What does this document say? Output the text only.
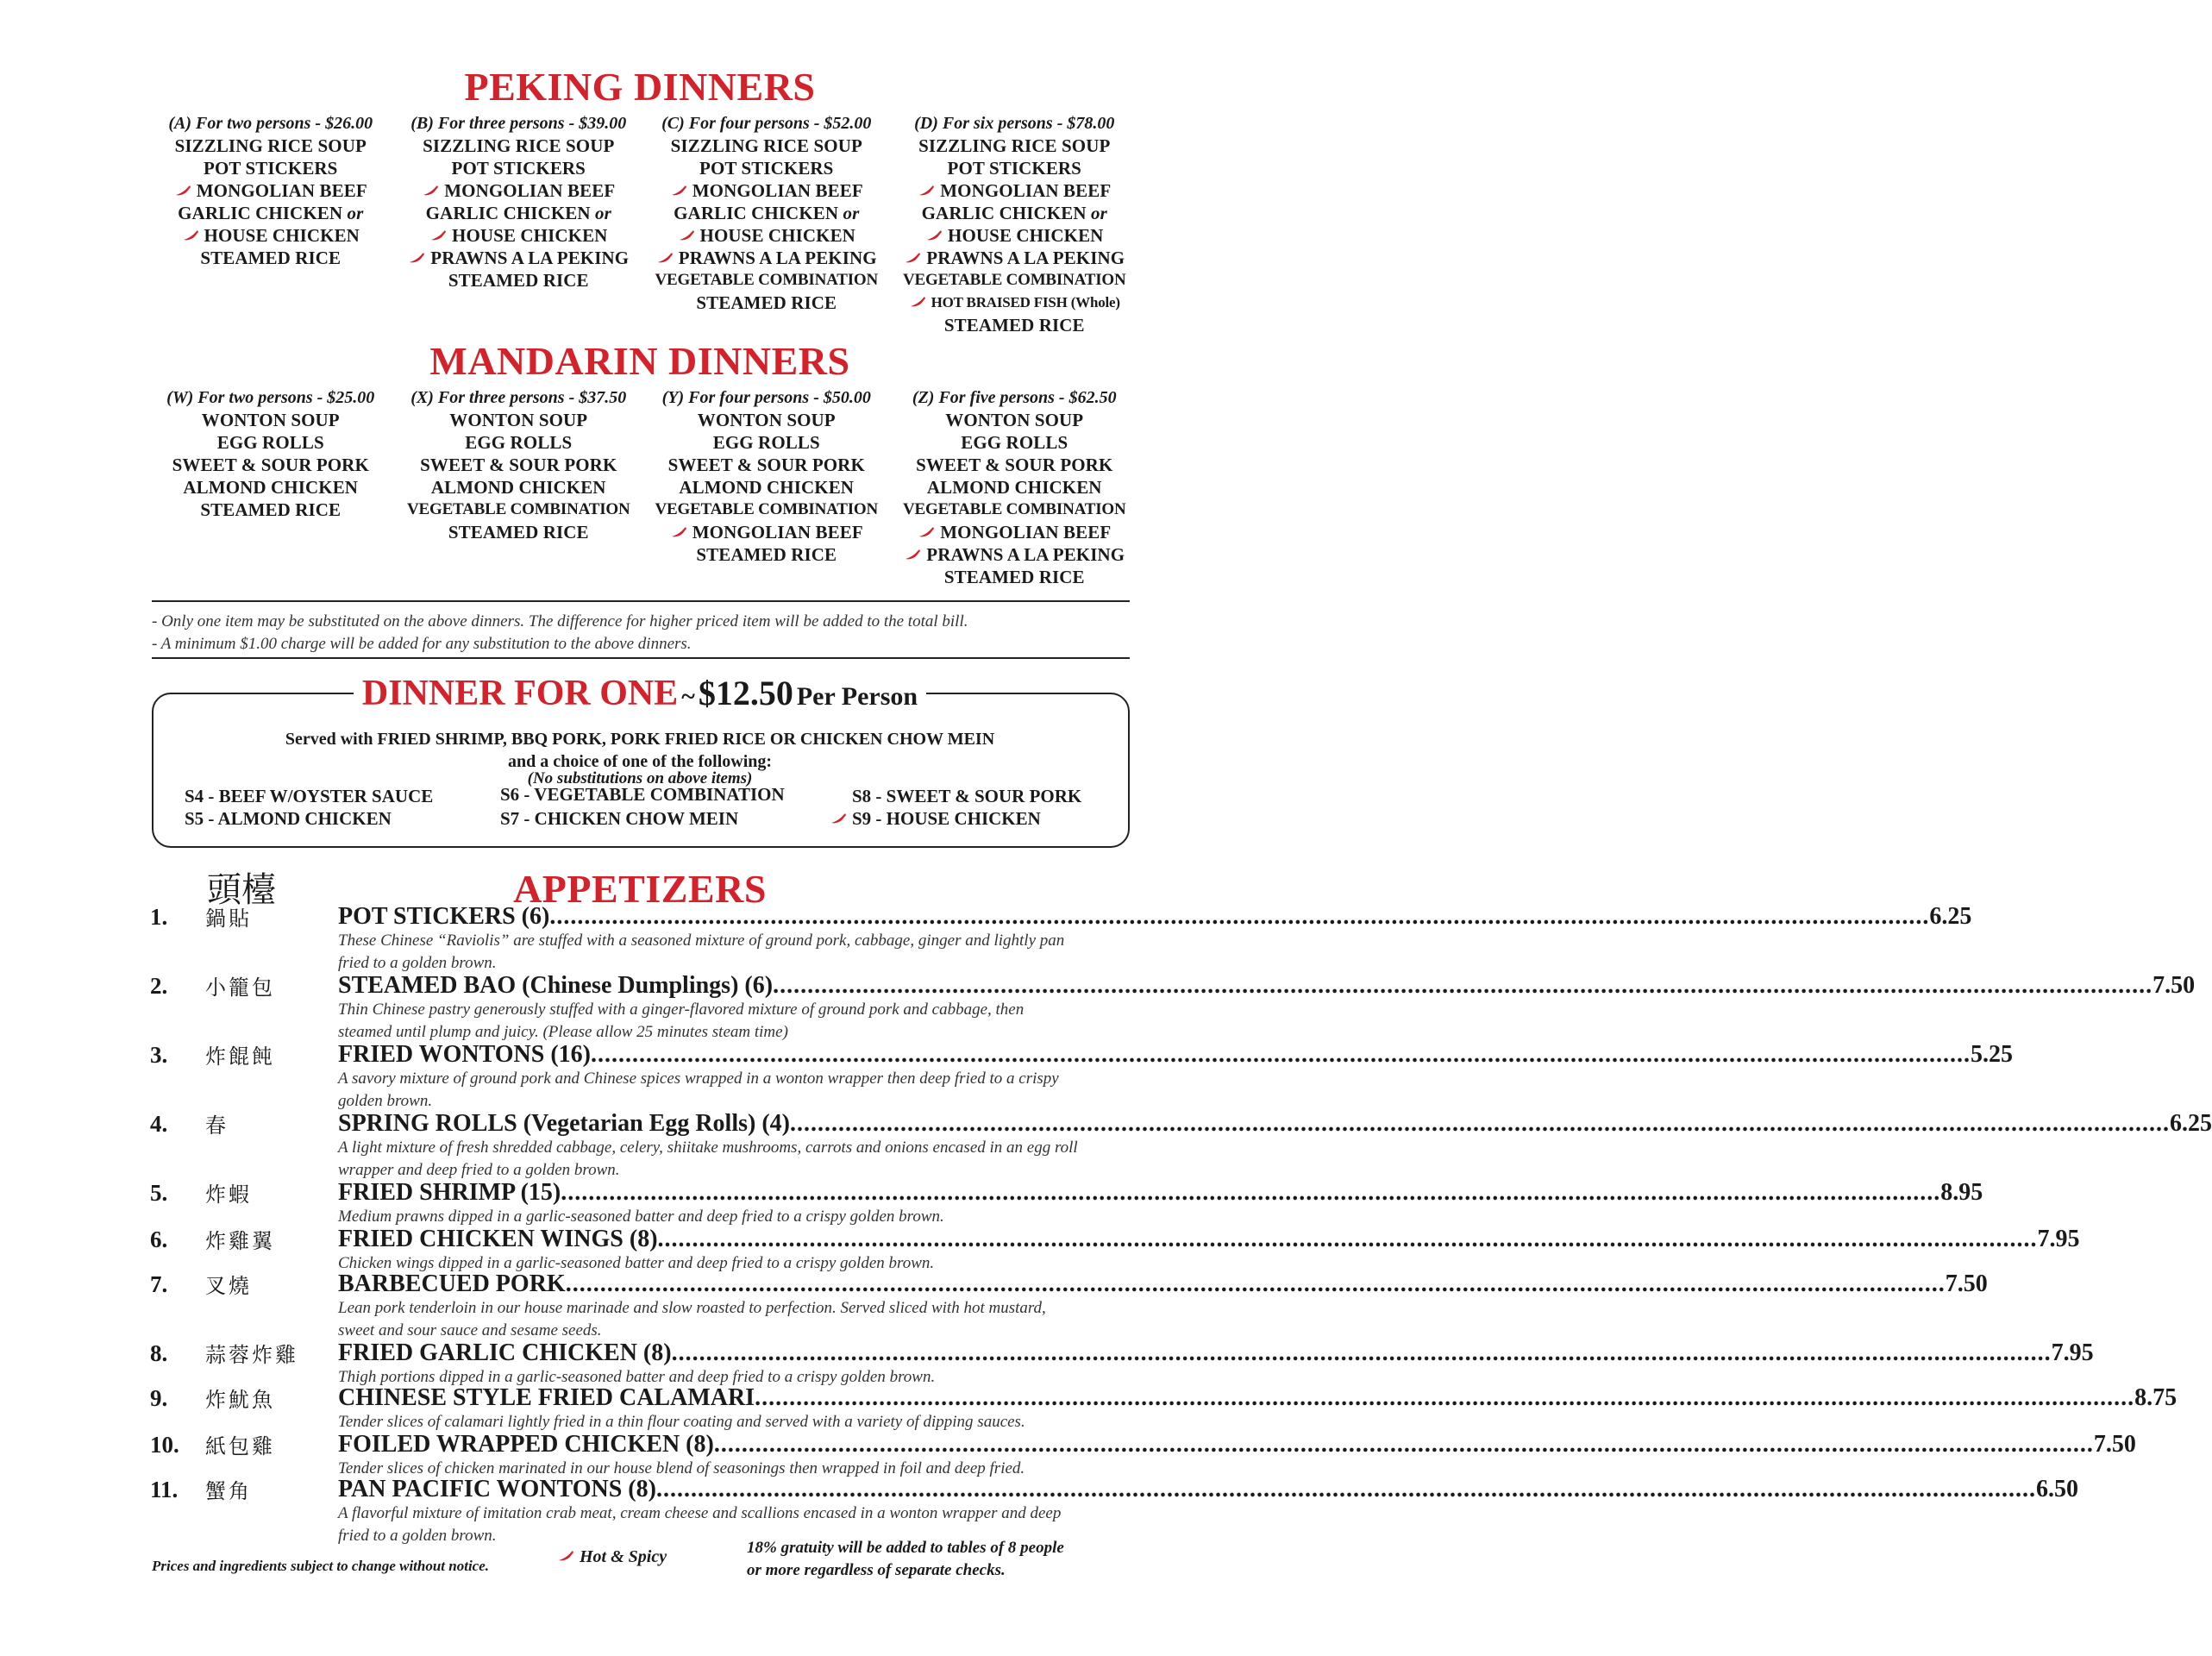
PEKING DINNERS
(A) For two persons - $26.00
SIZZLING RICE SOUP
POT STICKERS
MONGOLIAN BEEF
GARLIC CHICKEN or
HOUSE CHICKEN
STEAMED RICE
(B) For three persons - $39.00
SIZZLING RICE SOUP
POT STICKERS
MONGOLIAN BEEF
GARLIC CHICKEN or
HOUSE CHICKEN
PRAWNS A LA PEKING
STEAMED RICE
(C) For four persons - $52.00
SIZZLING RICE SOUP
POT STICKERS
MONGOLIAN BEEF
GARLIC CHICKEN or
HOUSE CHICKEN
PRAWNS A LA PEKING
VEGETABLE COMBINATION
STEAMED RICE
(D) For six persons - $78.00
SIZZLING RICE SOUP
POT STICKERS
MONGOLIAN BEEF
GARLIC CHICKEN or
HOUSE CHICKEN
PRAWNS A LA PEKING
VEGETABLE COMBINATION
HOT BRAISED FISH (Whole)
STEAMED RICE
MANDARIN DINNERS
(W) For two persons - $25.00
WONTON SOUP
EGG ROLLS
SWEET & SOUR PORK
ALMOND CHICKEN
STEAMED RICE
(X) For three persons - $37.50
WONTON SOUP
EGG ROLLS
SWEET & SOUR PORK
ALMOND CHICKEN
VEGETABLE COMBINATION
STEAMED RICE
(Y) For four persons - $50.00
WONTON SOUP
EGG ROLLS
SWEET & SOUR PORK
ALMOND CHICKEN
VEGETABLE COMBINATION
MONGOLIAN BEEF
STEAMED RICE
(Z) For five persons - $62.50
WONTON SOUP
EGG ROLLS
SWEET & SOUR PORK
ALMOND CHICKEN
VEGETABLE COMBINATION
MONGOLIAN BEEF
PRAWNS A LA PEKING
STEAMED RICE
- Only one item may be substituted on the above dinners. The difference for higher priced item will be added to the total bill.
- A minimum $1.00 charge will be added for any substitution to the above dinners.
DINNER FOR ONE ~ $12.50 Per Person
Served with FRIED SHRIMP, BBQ PORK, PORK FRIED RICE OR CHICKEN CHOW MEIN
and a choice of one of the following:
(No substitutions on above items)
S4 - BEEF W/OYSTER SAUCE
S5 - ALMOND CHICKEN
S6 - VEGETABLE COMBINATION
S7 - CHICKEN CHOW MEIN
S8 - SWEET & SOUR PORK
S9 - HOUSE CHICKEN
頭檯	APPETIZERS
1. 鍋貼	POT STICKERS (6) ........................................................................................................................................................................................................ 6.25
These Chinese “Raviolis” are stuffed with a seasoned mixture of ground pork, cabbage, ginger and lightly pan fried to a golden brown.
2. 小籠包	STEAMED BAO (Chinese Dumplings) (6) ........................................................................................................................................................................................................ 7.50
Thin Chinese pastry generously stuffed with a ginger-flavored mixture of ground pork and cabbage, then steamed until plump and juicy. (Please allow 25 minutes steam time)
3. 炸餛飩	FRIED WONTONS (16) ........................................................................................................................................................................................................ 5.25
A savory mixture of ground pork and Chinese spices wrapped in a wonton wrapper then deep fried to a crispy golden brown.
4. 春	SPRING ROLLS (Vegetarian Egg Rolls) (4) ........................................................................................................................................................................................................ 6.25
A light mixture of fresh shredded cabbage, celery, shiitake mushrooms, carrots and onions encased in an egg roll wrapper and deep fried to a golden brown.
5. 炸蝦	FRIED SHRIMP (15) ........................................................................................................................................................................................................ 8.95
Medium prawns dipped in a garlic-seasoned batter and deep fried to a crispy golden brown.
6. 炸雞翼	FRIED CHICKEN WINGS (8) ........................................................................................................................................................................................................ 7.95
Chicken wings dipped in a garlic-seasoned batter and deep fried to a crispy golden brown.
7. 叉燒	BARBECUED PORK ........................................................................................................................................................................................................ 7.50
Lean pork tenderloin in our house marinade and slow roasted to perfection. Served sliced with hot mustard, sweet and sour sauce and sesame seeds.
8. 蒜蓉炸雞 FRIED GARLIC CHICKEN (8) ........................................................................................................................................................................................................ 7.95
Thigh portions dipped in a garlic-seasoned batter and deep fried to a crispy golden brown.
9. 炸魷魚	CHINESE STYLE FRIED CALAMARI ........................................................................................................................................................................................................ 8.75
Tender slices of calamari lightly fried in a thin flour coating and served with a variety of dipping sauces.
10. 紙包雞	FOILED WRAPPED CHICKEN (8) ........................................................................................................................................................................................................ 7.50
Tender slices of chicken marinated in our house blend of seasonings then wrapped in foil and deep fried.
11. 蟹角	PAN PACIFIC WONTONS (8) ........................................................................................................................................................................................................ 6.50
A flavorful mixture of imitation crab meat, cream cheese and scallions encased in a wonton wrapper and deep fried to a golden brown.
Prices and ingredients subject to change without notice.	Hot & Spicy	18% gratuity will be added to tables of 8 people
or more regardless of separate checks.
